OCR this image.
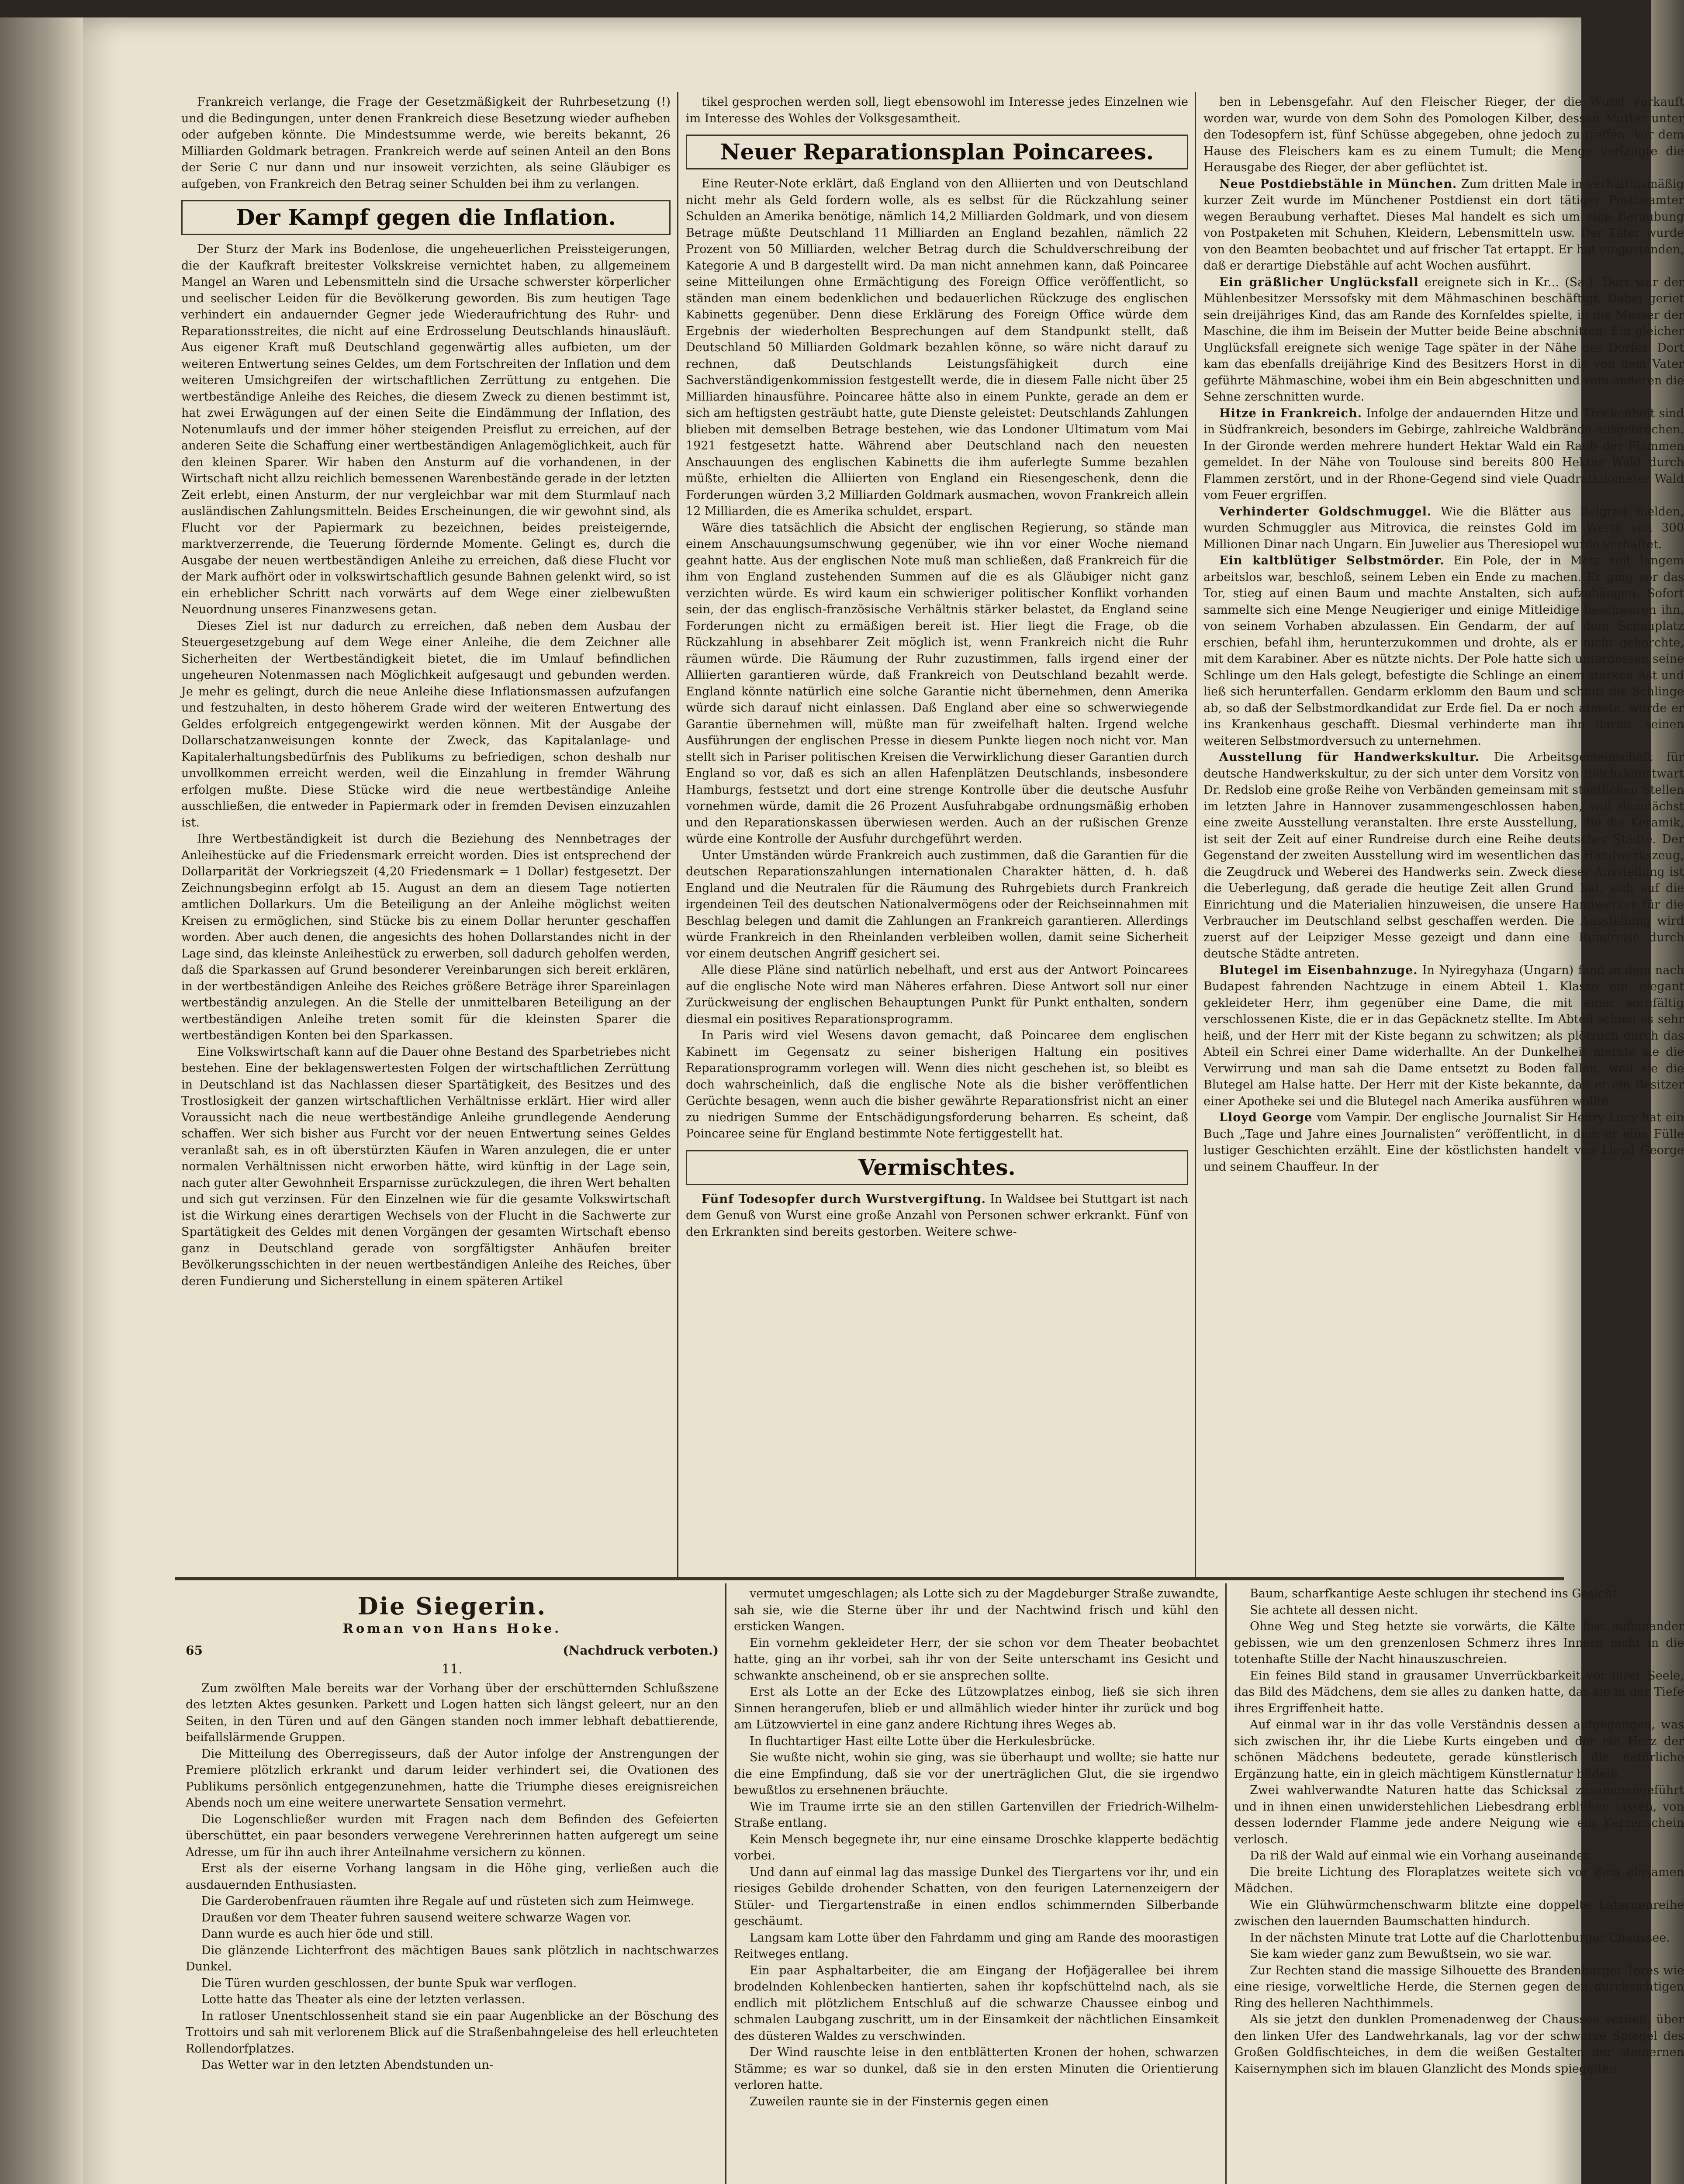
Frankreich verlange, die Frage der Gesetzmäßigkeit der Ruhrbesetzung (!) und die Bedingungen, unter denen Frankreich diese Besetzung wieder aufheben oder aufgeben könnte. Die Mindestsumme werde, wie bereits bekannt, 26 Milliarden Goldmark betragen. Frankreich werde auf seinen Anteil an den Bons der Serie C nur dann und nur insoweit verzichten, als seine Gläubiger es aufgeben, von Frankreich den Betrag seiner Schulden bei ihm zu verlangen.

Der Kampf gegen die Inflation.

Der Sturz der Mark ins Bodenlose, die ungeheuerlichen Preissteigerungen, die der Kaufkraft breitester Volkskreise vernichtet haben, zu allgemeinem Mangel an Waren und Lebensmitteln sind die Ursache schwerster körperlicher und seelischer Leiden für die Bevölkerung geworden. Bis zum heutigen Tage verhindert ein andauernder Gegner jede Wiederaufrichtung des Ruhr- und Reparationsstreites, die nicht auf eine Erdrosselung Deutschlands hinausläuft. Aus eigener Kraft muß Deutschland gegenwärtig alles aufbieten, um der weiteren Entwertung seines Geldes, um dem Fortschreiten der Inflation und dem weiteren Umsichgreifen der wirtschaftlichen Zerrüttung zu entgehen. Die wertbeständige Anleihe des Reiches, die diesem Zweck zu dienen bestimmt ist, hat zwei Erwägungen auf der einen Seite die Eindämmung der Inflation, des Notenumlaufs und der immer höher steigenden Preisflut zu erreichen, auf der anderen Seite die Schaffung einer wertbeständigen Anlagemöglichkeit, auch für den kleinen Sparer. Wir haben den Ansturm auf die vorhandenen, in der Wirtschaft nicht allzu reichlich bemessenen Warenbestände gerade in der letzten Zeit erlebt, einen Ansturm, der nur vergleichbar war mit dem Sturmlauf nach ausländischen Zahlungsmitteln. Beides Erscheinungen, die wir gewohnt sind, als Flucht vor der Papiermark zu bezeichnen, beides preisteigernde, marktverzerrende, die Teuerung fördernde Momente. Gelingt es, durch die Ausgabe der neuen wertbeständigen Anleihe zu erreichen, daß diese Flucht vor der Mark aufhört oder in volkswirtschaftlich gesunde Bahnen gelenkt wird, so ist ein erheblicher Schritt nach vorwärts auf dem Wege einer zielbewußten Neuordnung unseres Finanzwesens getan.

Dieses Ziel ist nur dadurch zu erreichen, daß neben dem Ausbau der Steuergesetzgebung auf dem Wege einer Anleihe, die dem Zeichner alle Sicherheiten der Wertbeständigkeit bietet, die im Umlauf befindlichen ungeheuren Notenmassen nach Möglichkeit aufgesaugt und gebunden werden. Je mehr es gelingt, durch die neue Anleihe diese Inflationsmassen aufzufangen und festzuhalten, in desto höherem Grade wird der weiteren Entwertung des Geldes erfolgreich entgegengewirkt werden können. Mit der Ausgabe der Dollarschatzanweisungen konnte der Zweck, das Kapitalanlage- und Kapitalerhaltungsbedürfnis des Publikums zu befriedigen, schon deshalb nur unvollkommen erreicht werden, weil die Einzahlung in fremder Währung erfolgen mußte. Diese Stücke wird die neue wertbeständige Anleihe ausschließen, die entweder in Papiermark oder in fremden Devisen einzuzahlen ist.

Ihre Wertbeständigkeit ist durch die Beziehung des Nennbetrages der Anleihestücke auf die Friedensmark erreicht worden. Dies ist entsprechend der Dollarparität der Vorkriegszeit (4,20 Friedensmark = 1 Dollar) festgesetzt. Der Zeichnungsbeginn erfolgt ab 15. August an dem an diesem Tage notierten amtlichen Dollarkurs. Um die Beteiligung an der Anleihe möglichst weiten Kreisen zu ermöglichen, sind Stücke bis zu einem Dollar herunter geschaffen worden. Aber auch denen, die angesichts des hohen Dollarstandes nicht in der Lage sind, das kleinste Anleihestück zu erwerben, soll dadurch geholfen werden, daß die Sparkassen auf Grund besonderer Vereinbarungen sich bereit erklären, in der wertbeständigen Anleihe des Reiches größere Beträge ihrer Spareinlagen wertbeständig anzulegen. An die Stelle der unmittelbaren Beteiligung an der wertbeständigen Anleihe treten somit für die kleinsten Sparer die wertbeständigen Konten bei den Sparkassen.

Eine Volkswirtschaft kann auf die Dauer ohne Bestand des Sparbetriebes nicht bestehen. Eine der beklagenswertesten Folgen der wirtschaftlichen Zerrüttung in Deutschland ist das Nachlassen dieser Spartätigkeit, des Besitzes und des Trostlosigkeit der ganzen wirtschaftlichen Verhältnisse erklärt. Hier wird aller Voraussicht nach die neue wertbeständige Anleihe grundlegende Aenderung schaffen. Wer sich bisher aus Furcht vor der neuen Entwertung seines Geldes veranlaßt sah, es in oft überstürzten Käufen in Waren anzulegen, die er unter normalen Verhältnissen nicht erworben hätte, wird künftig in der Lage sein, nach guter alter Gewohnheit Ersparnisse zurückzulegen, die ihren Wert behalten und sich gut verzinsen. Für den Einzelnen wie für die gesamte Volkswirtschaft ist die Wirkung eines derartigen Wechsels von der Flucht in die Sachwerte zur Spartätigkeit des Geldes mit denen Vorgängen der gesamten Wirtschaft ebenso ganz in Deutschland gerade von sorgfältigster Anhäufen breiter Bevölkerungsschichten in der neuen wertbeständigen Anleihe des Reiches, über deren Fundierung und Sicherstellung in einem späteren Artikel

tikel gesprochen werden soll, liegt ebensowohl im Interesse jedes Einzelnen wie im Interesse des Wohles der Volksgesamtheit.

Neuer Reparationsplan Poincarees.

Eine Reuter-Note erklärt, daß England von den Alliierten und von Deutschland nicht mehr als Geld fordern wolle, als es selbst für die Rückzahlung seiner Schulden an Amerika benötige, nämlich 14,2 Milliarden Goldmark, und von diesem Betrage müßte Deutschland 11 Milliarden an England bezahlen, nämlich 22 Prozent von 50 Milliarden, welcher Betrag durch die Schuldverschreibung der Kategorie A und B dargestellt wird. Da man nicht annehmen kann, daß Poincaree seine Mitteilungen ohne Ermächtigung des Foreign Office veröffentlicht, so ständen man einem bedenklichen und bedauerlichen Rückzuge des englischen Kabinetts gegenüber. Denn diese Erklärung des Foreign Office würde dem Ergebnis der wiederholten Besprechungen auf dem Standpunkt stellt, daß Deutschland 50 Milliarden Goldmark bezahlen könne, so wäre nicht darauf zu rechnen, daß Deutschlands Leistungsfähigkeit durch eine Sachverständigenkommission festgestellt werde, die in diesem Falle nicht über 25 Milliarden hinausführe. Poincaree hätte also in einem Punkte, gerade an dem er sich am heftigsten gesträubt hatte, gute Dienste geleistet: Deutschlands Zahlungen blieben mit demselben Betrage bestehen, wie das Londoner Ultimatum vom Mai 1921 festgesetzt hatte. Während aber Deutschland nach den neuesten Anschauungen des englischen Kabinetts die ihm auferlegte Summe bezahlen müßte, erhielten die Alliierten von England ein Riesengeschenk, denn die Forderungen würden 3,2 Milliarden Goldmark ausmachen, wovon Frankreich allein 12 Milliarden, die es Amerika schuldet, erspart.

Wäre dies tatsächlich die Absicht der englischen Regierung, so stände man einem Anschauungsumschwung gegenüber, wie ihn vor einer Woche niemand geahnt hatte. Aus der englischen Note muß man schließen, daß Frankreich für die ihm von England zustehenden Summen auf die es als Gläubiger nicht ganz verzichten würde. Es wird kaum ein schwieriger politischer Konflikt vorhanden sein, der das englisch-französische Verhältnis stärker belastet, da England seine Forderungen nicht zu ermäßigen bereit ist. Hier liegt die Frage, ob die Rückzahlung in absehbarer Zeit möglich ist, wenn Frankreich nicht die Ruhr räumen würde. Die Räumung der Ruhr zuzustimmen, falls irgend einer der Alliierten garantieren würde, daß Frankreich von Deutschland bezahlt werde. England könnte natürlich eine solche Garantie nicht übernehmen, denn Amerika würde sich darauf nicht einlassen. Daß England aber eine so schwerwiegende Garantie übernehmen will, müßte man für zweifelhaft halten. Irgend welche Ausführungen der englischen Presse in diesem Punkte liegen noch nicht vor. Man stellt sich in Pariser politischen Kreisen die Verwirklichung dieser Garantien durch England so vor, daß es sich an allen Hafenplätzen Deutschlands, insbesondere Hamburgs, festsetzt und dort eine strenge Kontrolle über die deutsche Ausfuhr vornehmen würde, damit die 26 Prozent Ausfuhrabgabe ordnungsmäßig erhoben und den Reparationskassen überwiesen werden. Auch an der rußischen Grenze würde eine Kontrolle der Ausfuhr durchgeführt werden.

Unter Umständen würde Frankreich auch zustimmen, daß die Garantien für die deutschen Reparationszahlungen internationalen Charakter hätten, d. h. daß England und die Neutralen für die Räumung des Ruhrgebiets durch Frankreich irgendeinen Teil des deutschen Nationalvermögens oder der Reichseinnahmen mit Beschlag belegen und damit die Zahlungen an Frankreich garantieren. Allerdings würde Frankreich in den Rheinlanden verbleiben wollen, damit seine Sicherheit vor einem deutschen Angriff gesichert sei.

Alle diese Pläne sind natürlich nebelhaft, und erst aus der Antwort Poincarees auf die englische Note wird man Näheres erfahren. Diese Antwort soll nur einer Zurückweisung der englischen Behauptungen Punkt für Punkt enthalten, sondern diesmal ein positives Reparationsprogramm.

In Paris wird viel Wesens davon gemacht, daß Poincaree dem englischen Kabinett im Gegensatz zu seiner bisherigen Haltung ein positives Reparationsprogramm vorlegen will. Wenn dies nicht geschehen ist, so bleibt es doch wahrscheinlich, daß die englische Note als die bisher veröffentlichen Gerüchte besagen, wenn auch die bisher gewährte Reparationsfrist nicht an einer zu niedrigen Summe der Entschädigungsforderung beharren. Es scheint, daß Poincaree seine für England bestimmte Note fertiggestellt hat.

Vermischtes.

Fünf Todesopfer durch Wurstvergiftung. In Waldsee bei Stuttgart ist nach dem Genuß von Wurst eine große Anzahl von Personen schwer erkrankt. Fünf von den Erkrankten sind bereits gestorben. Weitere schwe-

ben in Lebensgefahr. Auf den Fleischer Rieger, der die Wurst verkauft worden war, wurde von dem Sohn des Pomologen Kilber, dessen Mutter unter den Todesopfern ist, fünf Schüsse abgegeben, ohne jedoch zu treffen. Vor dem Hause des Fleischers kam es zu einem Tumult; die Menge verlangte die Herausgabe des Rieger, der aber geflüchtet ist.

Neue Postdiebstähle in München. Zum dritten Male in verhältnismäßig kurzer Zeit wurde im Münchener Postdienst ein dort tätiger Postbeamter wegen Beraubung verhaftet. Dieses Mal handelt es sich um eine Beraubung von Postpaketen mit Schuhen, Kleidern, Lebensmitteln usw. Der Täter wurde von den Beamten beobachtet und auf frischer Tat ertappt. Er hat eingestanden, daß er derartige Diebstähle auf acht Wochen ausführt.

Ein gräßlicher Unglücksfall ereignete sich in Kr... (Sa.). Dort war der Mühlenbesitzer Merssofsky mit dem Mähmaschinen beschäftigt. Dabei geriet sein dreijähriges Kind, das am Rande des Kornfeldes spielte, in die Messer der Maschine, die ihm im Beisein der Mutter beide Beine abschnitten. Ein gleicher Unglücksfall ereignete sich wenige Tage später in der Nähe des Dorfes. Dort kam das ebenfalls dreijährige Kind des Besitzers Horst in die von dem Vater geführte Mähmaschine, wobei ihm ein Bein abgeschnitten und vom anderen die Sehne zerschnitten wurde.

Hitze in Frankreich. Infolge der andauernden Hitze und Trockenheit sind in Südfrankreich, besonders im Gebirge, zahlreiche Waldbrände ausgebrochen. In der Gironde werden mehrere hundert Hektar Wald ein Raub der Flammen gemeldet. In der Nähe von Toulouse sind bereits 800 Hektar Wald durch Flammen zerstört, und in der Rhone-Gegend sind viele Quadratkilometer Wald vom Feuer ergriffen.

Verhinderter Goldschmuggel. Wie die Blätter aus Belgrad melden, wurden Schmuggler aus Mitrovica, die reinstes Gold im Werte von 300 Millionen Dinar nach Ungarn. Ein Juwelier aus Theresiopel wurde verhaftet.

Ein kaltblütiger Selbstmörder. Ein Pole, der in Metz seit langem arbeitslos war, beschloß, seinem Leben ein Ende zu machen. Er ging vor das Tor, stieg auf einen Baum und machte Anstalten, sich aufzuhängen. Sofort sammelte sich eine Menge Neugieriger und einige Mitleidige beschworen ihn, von seinem Vorhaben abzulassen. Ein Gendarm, der auf dem Schauplatz erschien, befahl ihm, herunterzukommen und drohte, als er nicht gehorchte, mit dem Karabiner. Aber es nützte nichts. Der Pole hatte sich unterdessen seine Schlinge um den Hals gelegt, befestigte die Schlinge an einem starken Ast und ließ sich herunterfallen. Gendarm erklomm den Baum und schnitt die Schlinge ab, so daß der Selbstmordkandidat zur Erde fiel. Da er noch atmete, wurde er ins Krankenhaus geschafft. Diesmal verhinderte man ihn daran, seinen weiteren Selbstmordversuch zu unternehmen.

Ausstellung für Handwerkskultur. Die Arbeitsgemeinschaft für deutsche Handwerkskultur, zu der sich unter dem Vorsitz von Reichskunstwart Dr. Redslob eine große Reihe von Verbänden gemeinsam mit staatlichen Stellen im letzten Jahre in Hannover zusammengeschlossen haben, will demnächst eine zweite Ausstellung veranstalten. Ihre erste Ausstellung, die die Keramik, ist seit der Zeit auf einer Rundreise durch eine Reihe deutscher Städte. Der Gegenstand der zweiten Ausstellung wird im wesentlichen das Handwerkszeug, die Zeugdruck und Weberei des Handwerks sein. Zweck dieser Ausstellung ist die Ueberlegung, daß gerade die heutige Zeit allen Grund hat, sich auf die Einrichtung und die Materialien hinzuweisen, die unsere Handwerker für die Verbraucher im Deutschland selbst geschaffen werden. Die Ausstellung wird zuerst auf der Leipziger Messe gezeigt und dann eine Rundreise durch deutsche Städte antreten.

Blutegel im Eisenbahnzuge. In Nyiregyhaza (Ungarn) fand in dem nach Budapest fahrenden Nachtzuge in einem Abteil 1. Klasse ein elegant gekleideter Herr, ihm gegenüber eine Dame, die mit einer sorgfältig verschlossenen Kiste, die er in das Gepäcknetz stellte. Im Abteil schien es sehr heiß, und der Herr mit der Kiste begann zu schwitzen; als plötzlich durch das Abteil ein Schrei einer Dame widerhallte. An der Dunkelheit merkte sie die Verwirrung und man sah die Dame entsetzt zu Boden fallen, weil sie die Blutegel am Halse hatte. Der Herr mit der Kiste bekannte, daß er ein Besitzer einer Apotheke sei und die Blutegel nach Amerika ausführen wollte.

Lloyd George vom Vampir. Der englische Journalist Sir Henry Lucy hat ein Buch „Tage und Jahre eines Journalisten“ veröffentlicht, in dem er eine Fülle lustiger Geschichten erzählt. Eine der köstlichsten handelt von Lloyd George und seinem Chauffeur. In der

Die Siegerin.
Roman von Hans Hoke.
65	(Nachdruck verboten.)
11.

Zum zwölften Male bereits war der Vorhang über der erschütternden Schlußszene des letzten Aktes gesunken. Parkett und Logen hatten sich längst geleert, nur an den Seiten, in den Türen und auf den Gängen standen noch immer lebhaft debattierende, beifallslärmende Gruppen.

Die Mitteilung des Oberregisseurs, daß der Autor infolge der Anstrengungen der Premiere plötzlich erkrankt und darum leider verhindert sei, die Ovationen des Publikums persönlich entgegenzunehmen, hatte die Triumphe dieses ereignisreichen Abends noch um eine weitere unerwartete Sensation vermehrt.

Die Logenschließer wurden mit Fragen nach dem Befinden des Gefeierten überschüttet, ein paar besonders verwegene Verehrerinnen hatten aufgeregt um seine Adresse, um für ihn auch ihrer Anteilnahme versichern zu können.

Erst als der eiserne Vorhang langsam in die Höhe ging, verließen auch die ausdauernden Enthusiasten.

Die Garderobenfrauen räumten ihre Regale auf und rüsteten sich zum Heimwege.

Draußen vor dem Theater fuhren sausend weitere schwarze Wagen vor.

Dann wurde es auch hier öde und still.

Die glänzende Lichterfront des mächtigen Baues sank plötzlich in nachtschwarzes Dunkel.

Die Türen wurden geschlossen, der bunte Spuk war verflogen.

Lotte hatte das Theater als eine der letzten verlassen.

In ratloser Unentschlossenheit stand sie ein paar Augenblicke an der Böschung des Trottoirs und sah mit verlorenem Blick auf die Straßenbahngeleise des hell erleuchteten Rollendorfplatzes.

Das Wetter war in den letzten Abendstunden un-

vermutet umgeschlagen; als Lotte sich zu der Magdeburger Straße zuwandte, sah sie, wie die Sterne über ihr und der Nachtwind frisch und kühl den ersticken Wangen.

Ein vornehm gekleideter Herr, der sie schon vor dem Theater beobachtet hatte, ging an ihr vorbei, sah ihr von der Seite unterschamt ins Gesicht und schwankte anscheinend, ob er sie ansprechen sollte.

Erst als Lotte an der Ecke des Lützowplatzes einbog, ließ sie sich ihren Sinnen herangerufen, blieb er und allmählich wieder hinter ihr zurück und bog am Lützowviertel in eine ganz andere Richtung ihres Weges ab.

In fluchtartiger Hast eilte Lotte über die Herkulesbrücke.

Sie wußte nicht, wohin sie ging, was sie überhaupt und wollte; sie hatte nur die eine Empfindung, daß sie vor der unerträglichen Glut, die sie irgendwo bewußtlos zu ersehnenen bräuchte.

Wie im Traume irrte sie an den stillen Gartenvillen der Friedrich-Wilhelm-Straße entlang.

Kein Mensch begegnete ihr, nur eine einsame Droschke klapperte bedächtig vorbei.

Und dann auf einmal lag das massige Dunkel des Tiergartens vor ihr, und ein riesiges Gebilde drohender Schatten, von den feurigen Laternenzeigern der Stüler- und Tiergartenstraße in einen endlos schimmernden Silberbande geschäumt.

Langsam kam Lotte über den Fahrdamm und ging am Rande des moorastigen Reitweges entlang.

Ein paar Asphaltarbeiter, die am Eingang der Hofjägerallee bei ihrem brodelnden Kohlenbecken hantierten, sahen ihr kopfschüttelnd nach, als sie endlich mit plötzlichem Entschluß auf die schwarze Chaussee einbog und schmalen Laubgang zuschritt, um in der Einsamkeit der nächtlichen Einsamkeit des düsteren Waldes zu verschwinden.

Der Wind rauschte leise in den entblätterten Kronen der hohen, schwarzen Stämme; es war so dunkel, daß sie in den ersten Minuten die Orientierung verloren hatte.

Zuweilen raunte sie in der Finsternis gegen einen

Baum, scharfkantige Aeste schlugen ihr stechend ins Gesicht.

Sie achtete all dessen nicht.

Ohne Weg und Steg hetzte sie vorwärts, die Kälte fest aufeinander gebissen, wie um den grenzenlosen Schmerz ihres Innern nicht in die totenhafte Stille der Nacht hinauszuschreien.

Ein feines Bild stand in grausamer Unverrückbarkeit vor ihrer Seele, das Bild des Mädchens, dem sie alles zu danken hatte, das sie in der Tiefe ihres Ergriffenheit hatte.

Auf einmal war in ihr das volle Verständnis dessen aufgegangen, was sich zwischen ihr, ihr die Liebe Kurts eingeben und der ein Herz der schönen Mädchens bedeutete, gerade künstlerisch die natürliche Ergänzung hatte, ein in gleich mächtigem Künstlernatur bildete.

Zwei wahlverwandte Naturen hatte das Schicksal zusammengeführt und in ihnen einen unwiderstehlichen Liebesdrang erblühen lassen, von dessen lodernder Flamme jede andere Neigung wie ein Kerzenschein verlosch.

Da riß der Wald auf einmal wie ein Vorhang auseinander.

Die breite Lichtung des Floraplatzes weitete sich vor dem einsamen Mädchen.

Wie ein Glühwürmchenschwarm blitzte eine doppelte Laternenreihe zwischen den lauernden Baumschatten hindurch.

In der nächsten Minute trat Lotte auf die Charlottenburger Chaussee.

Sie kam wieder ganz zum Bewußtsein, wo sie war.

Zur Rechten stand die massige Silhouette des Brandenburger Tores wie eine riesige, vorweltliche Herde, die Sternen gegen den durchsichtigen Ring des helleren Nachthimmels.

Als sie jetzt den dunklen Promenadenweg der Chaussee verließ, über den linken Ufer des Landwehrkanals, lag vor der schwarze Spiegel des Großen Goldfischteiches, in dem die weißen Gestalten der steinernen Kaisernymphen sich im blauen Glanzlicht des Monds spiegelten.
